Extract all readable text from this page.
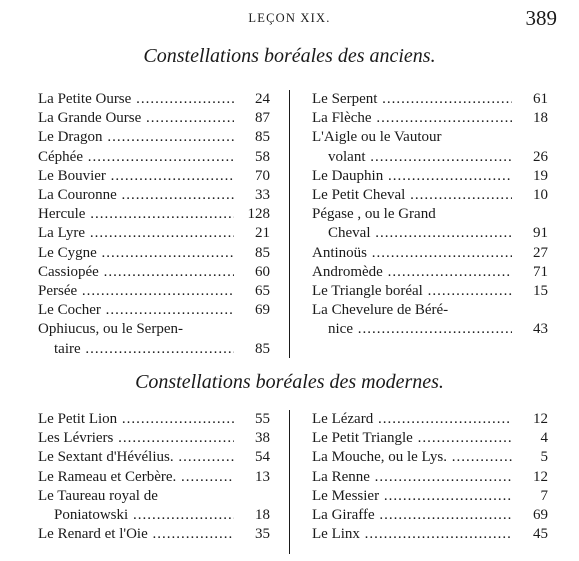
LEÇON XIX.	389
Constellations boréales des anciens.
La Petite Ourse .....	24
La Grande Ourse .....	87
Le Dragon .....	85
Céphée .....	58
Le Bouvier .....	70
La Couronne .....	33
Hercule .....	128
La Lyre .....	21
Le Cygne .....	85
Cassiopée .....	60
Persée .....	65
Le Cocher .....	69
Ophiucus, ou le Serpen-
taire .....	85
Le Serpent .....	61
La Flèche .....	18
L'Aigle ou le Vautour
volant .....	26
Le Dauphin .....	19
Le Petit Cheval .....	10
Pégase , ou le Grand
Cheval .....	91
Antinoüs .....	27
Andromède .....	71
Le Triangle boréal .....	15
La Chevelure de Béré-
nice .....	43
Constellations boréales des modernes.
Le Petit Lion .....	55
Les Lévriers .....	38
Le Sextant d'Hévélius. .....	54
Le Rameau et Cerbère. .....	13
Le Taureau royal de
Poniatowski .....	18
Le Renard et l'Oie .....	35
Le Lézard .....	12
Le Petit Triangle .....	4
La Mouche, ou le Lys. .....	5
La Renne .....	12
Le Messier .....	7
La Giraffe .....	69
Le Linx .....	45
